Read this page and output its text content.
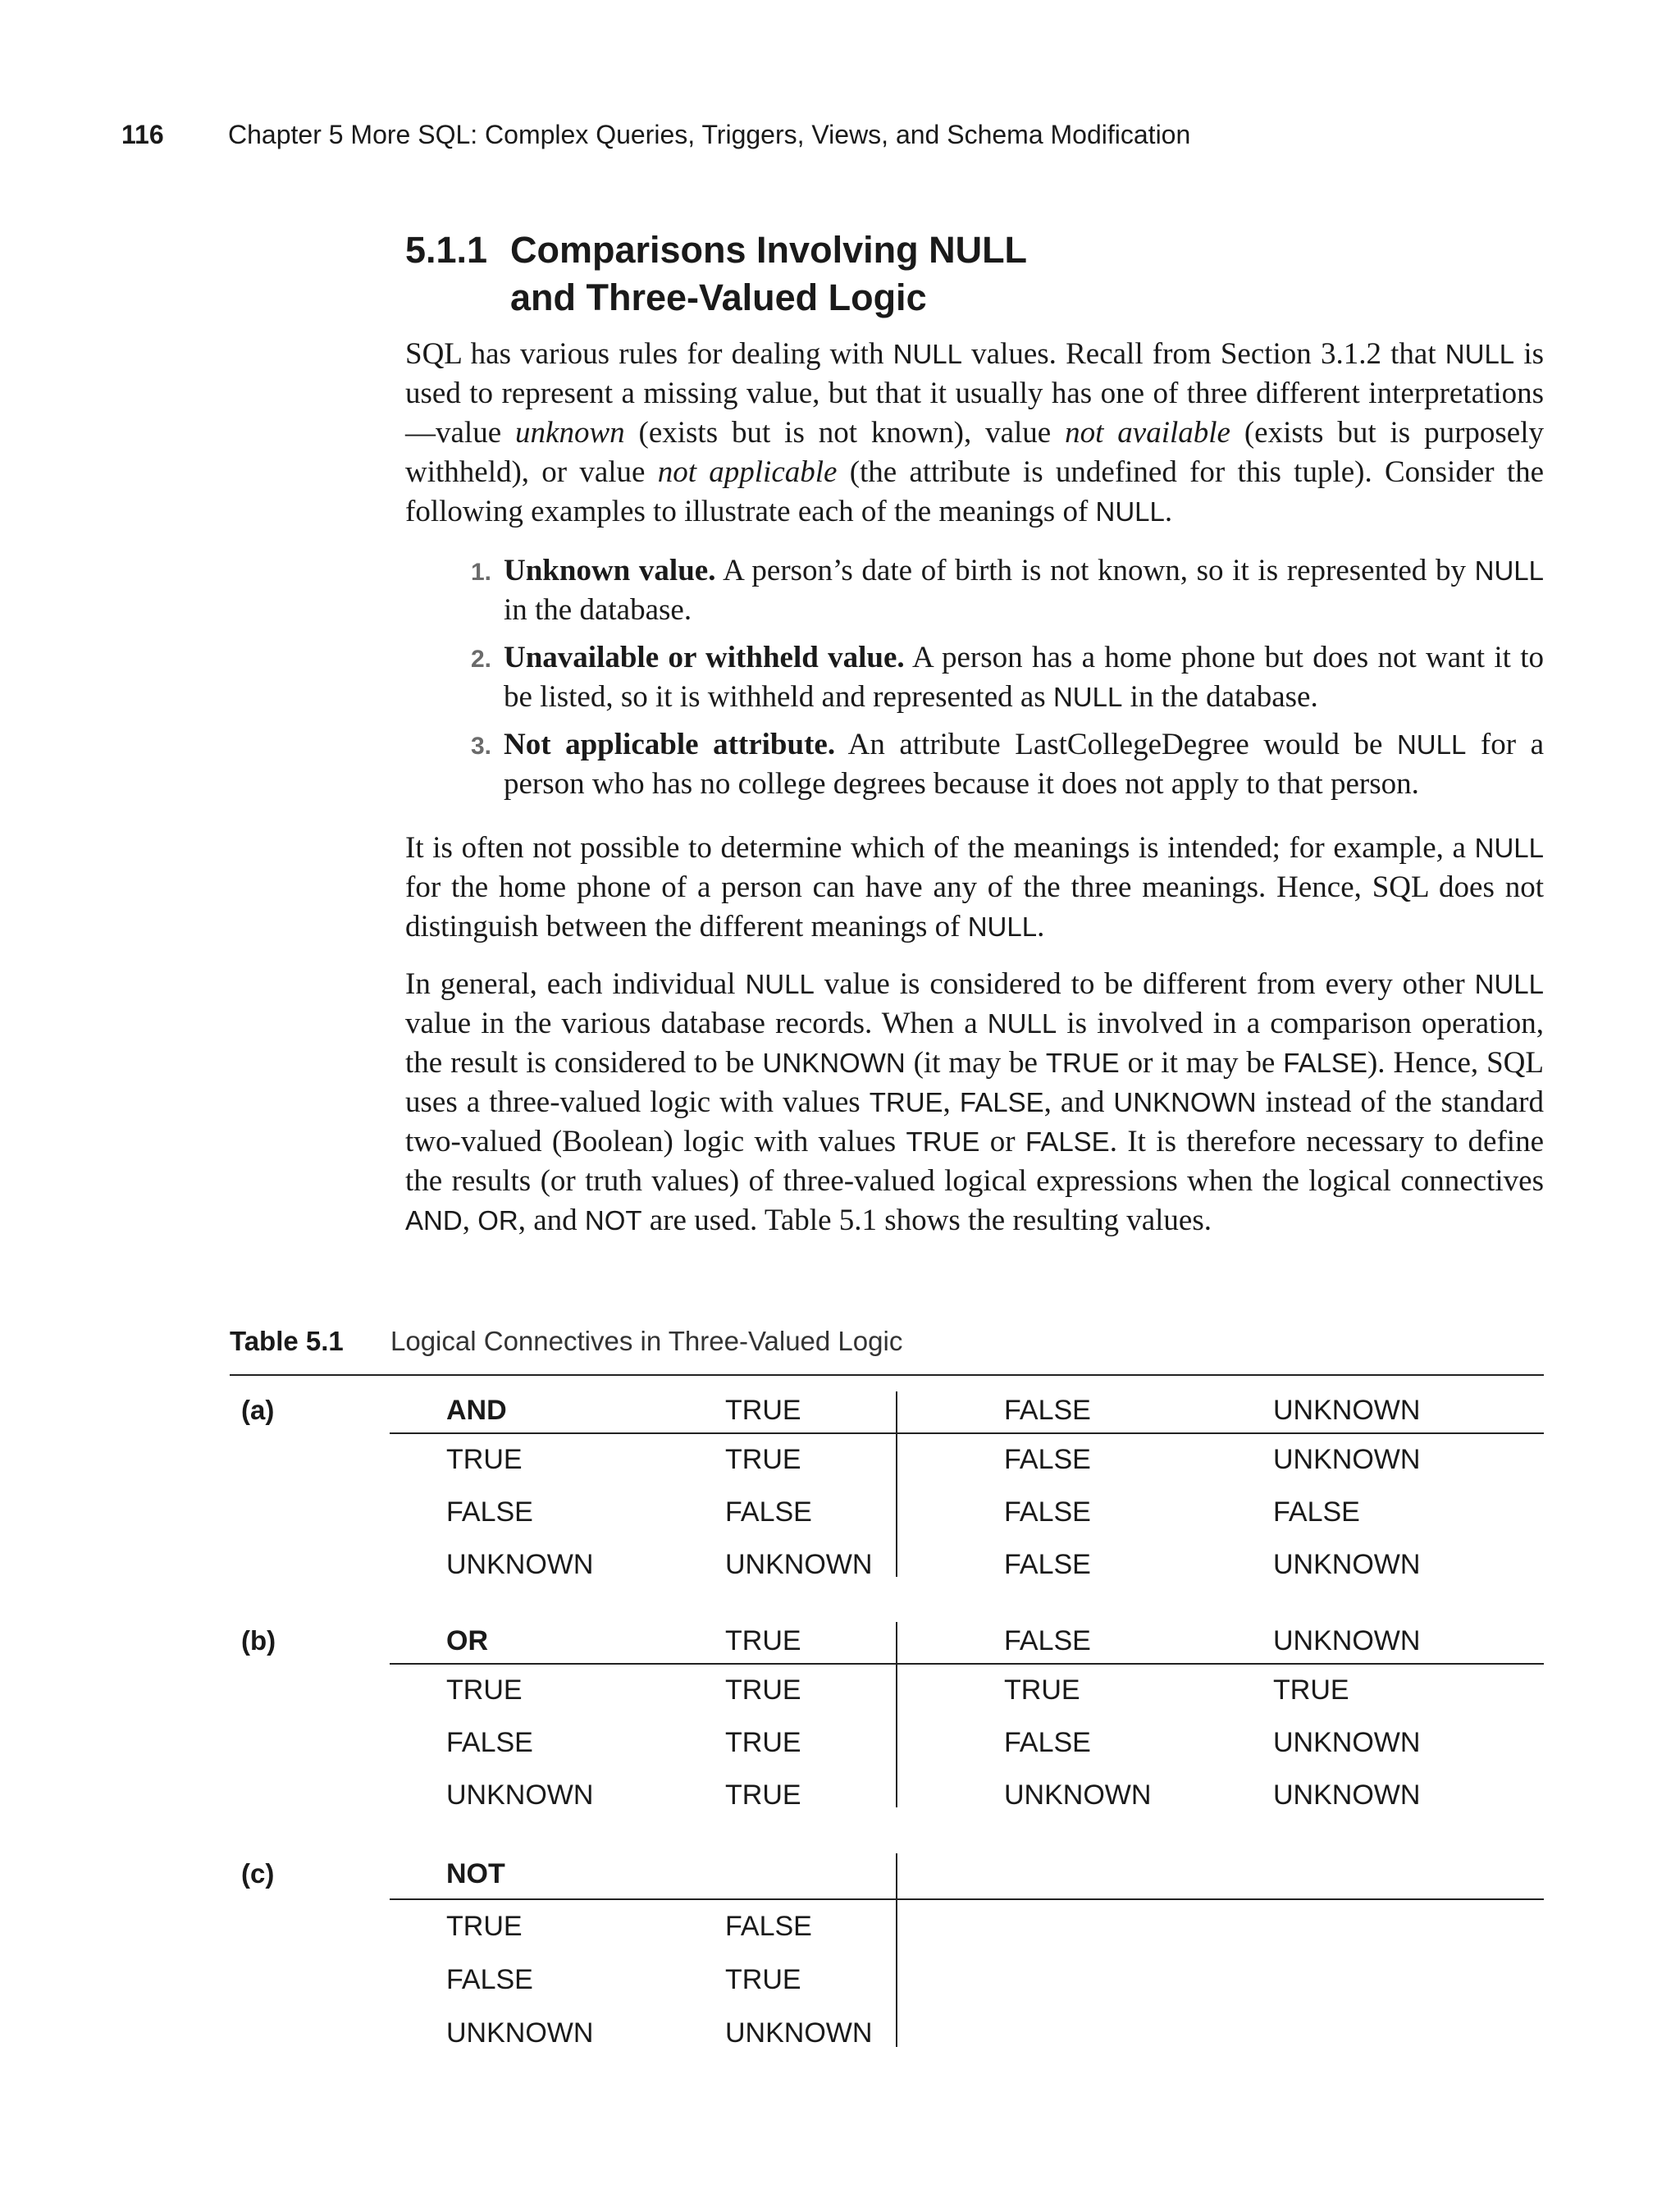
116 Chapter 5 More SQL: Complex Queries, Triggers, Views, and Schema Modification
5.1.1 Comparisons Involving NULL
and Three-Valued Logic

SQL has various rules for dealing with NULL values. Recall from Section 3.1.2 that NULL is used to represent a missing value, but that it usually has one of three different interpretations—value unknown (exists but is not known), value not available (exists but is purposely withheld), or value not applicable (the attribute is undefined for this tuple). Consider the following examples to illustrate each of the meanings of NULL.

1. Unknown value. A person’s date of birth is not known, so it is represented by NULL in the database.
2. Unavailable or withheld value. A person has a home phone but does not want it to be listed, so it is withheld and represented as NULL in the database.
3. Not applicable attribute. An attribute LastCollegeDegree would be NULL for a person who has no college degrees because it does not apply to that person.

It is often not possible to determine which of the meanings is intended; for example, a NULL for the home phone of a person can have any of the three meanings. Hence, SQL does not distinguish between the different meanings of NULL.

In general, each individual NULL value is considered to be different from every other NULL value in the various database records. When a NULL is involved in a comparison operation, the result is considered to be UNKNOWN (it may be TRUE or it may be FALSE). Hence, SQL uses a three-valued logic with values TRUE, FALSE, and UNKNOWN instead of the standard two-valued (Boolean) logic with values TRUE or FALSE. It is therefore necessary to define the results (or truth values) of three-valued logical expressions when the logical connectives AND, OR, and NOT are used. Table 5.1 shows the resulting values.

Table 5.1 Logical Connectives in Three-Valued Logic
(a)	AND	TRUE	FALSE	UNKNOWN
TRUE	TRUE	FALSE	UNKNOWN
FALSE	FALSE	FALSE	FALSE
UNKNOWN	UNKNOWN	FALSE	UNKNOWN
(b)	OR	TRUE	FALSE	UNKNOWN
TRUE	TRUE	TRUE	TRUE
FALSE	TRUE	FALSE	UNKNOWN
UNKNOWN	TRUE	UNKNOWN	UNKNOWN
(c)	NOT
TRUE	FALSE
FALSE	TRUE
UNKNOWN	UNKNOWN
